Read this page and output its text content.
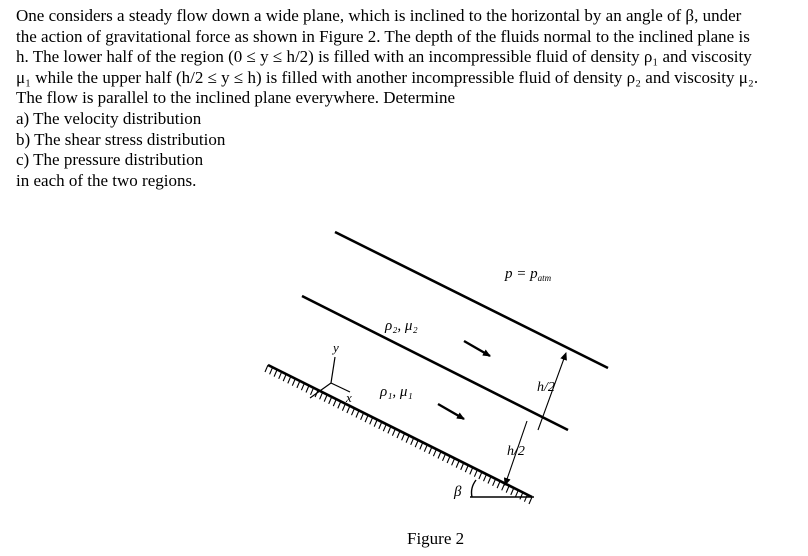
One considers a steady flow down a wide plane, which is inclined to the horizontal by an angle of β, under
the action of gravitational force as shown in Figure 2. The depth of the fluids normal to the inclined plane is
h. The lower half of the region (0 ≤ y ≤ h/2) is filled with an incompressible fluid of density ρ₁ and viscosity
μ₁ while the upper half (h/2 ≤ y ≤ h) is filled with another incompressible fluid of density ρ₂ and viscosity μ₂.
The flow is parallel to the inclined plane everywhere. Determine
a) The velocity distribution
b) The shear stress distribution
c) The pressure distribution
in each of the two regions.
$p = p_{atm}$
ρ₂, μ₂
ρ₁, μ₁
y
x
h/2
h/2
β
Figure 2
